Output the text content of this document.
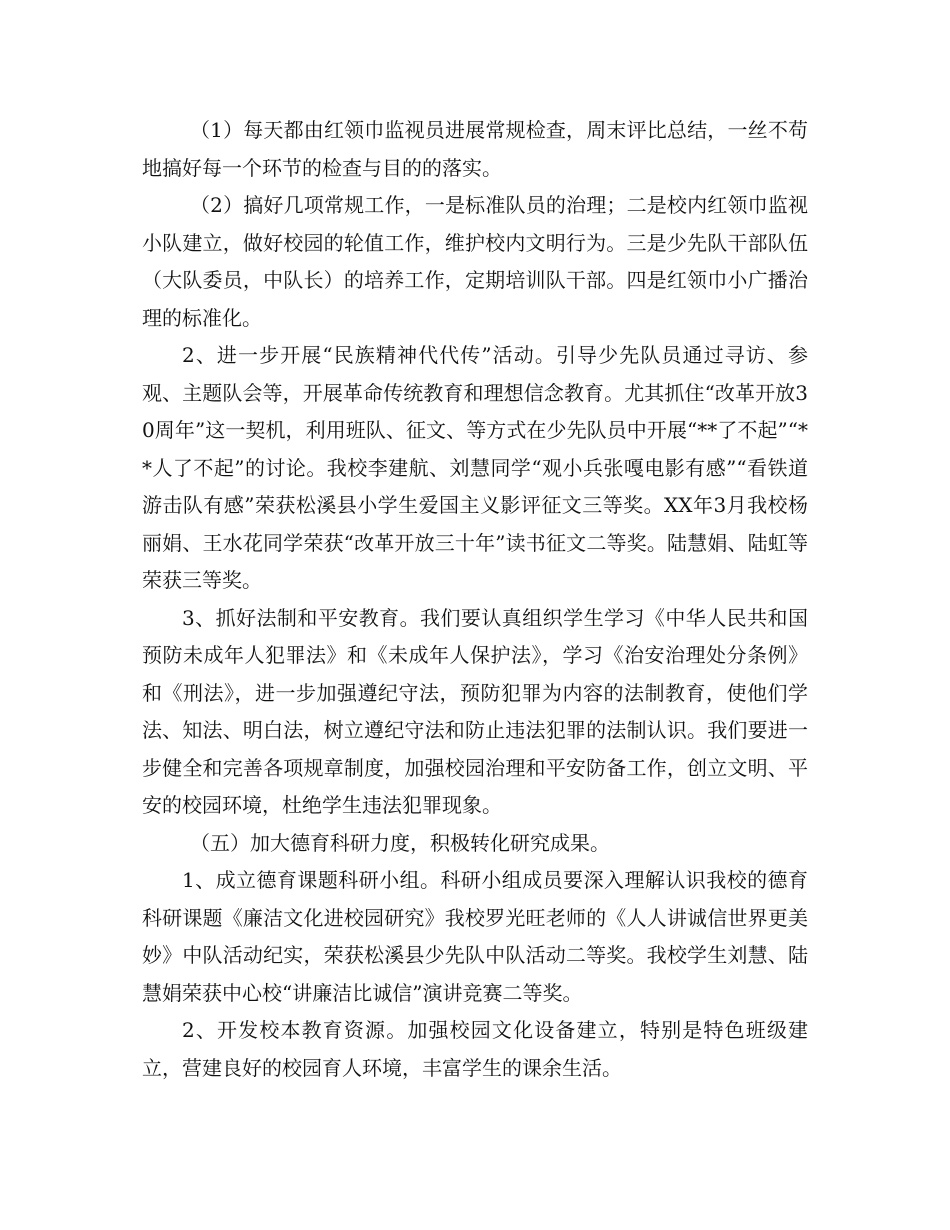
（1）每天都由红领巾监视员进展常规检查，周末评比总结，一丝不苟地搞好每一个环节的检查与目的的落实。

（2）搞好几项常规工作，一是标准队员的治理；二是校内红领巾监视小队建立，做好校园的轮值工作，维护校内文明行为。三是少先队干部队伍（大队委员，中队长）的培养工作，定期培训队干部。四是红领巾小广播治理的标准化。

2、进一步开展“民族精神代代传”活动。引导少先队员通过寻访、参观、主题队会等，开展革命传统教育和理想信念教育。尤其抓住“改革开放30周年”这一契机，利用班队、征文、等方式在少先队员中开展“**了不起”“**人了不起”的讨论。我校李建航、刘慧同学“观小兵张嘎电影有感”“看铁道游击队有感”荣获松溪县小学生爱国主义影评征文三等奖。XX年3月我校杨丽娟、王水花同学荣获“改革开放三十年”读书征文二等奖。陆慧娟、陆虹等荣获三等奖。

3、抓好法制和平安教育。我们要认真组织学生学习《中华人民共和国预防未成年人犯罪法》和《未成年人保护法》，学习《治安治理处分条例》和《刑法》，进一步加强遵纪守法，预防犯罪为内容的法制教育，使他们学法、知法、明白法，树立遵纪守法和防止违法犯罪的法制认识。我们要进一步健全和完善各项规章制度，加强校园治理和平安防备工作，创立文明、平安的校园环境，杜绝学生违法犯罪现象。

（五）加大德育科研力度，积极转化研究成果。

1、成立德育课题科研小组。科研小组成员要深入理解认识我校的德育科研课题《廉洁文化进校园研究》我校罗光旺老师的《人人讲诚信世界更美妙》中队活动纪实，荣获松溪县少先队中队活动二等奖。我校学生刘慧、陆慧娟荣获中心校“讲廉洁比诚信”演讲竞赛二等奖。

2、开发校本教育资源。加强校园文化设备建立，特别是特色班级建立，营建良好的校园育人环境，丰富学生的课余生活。
